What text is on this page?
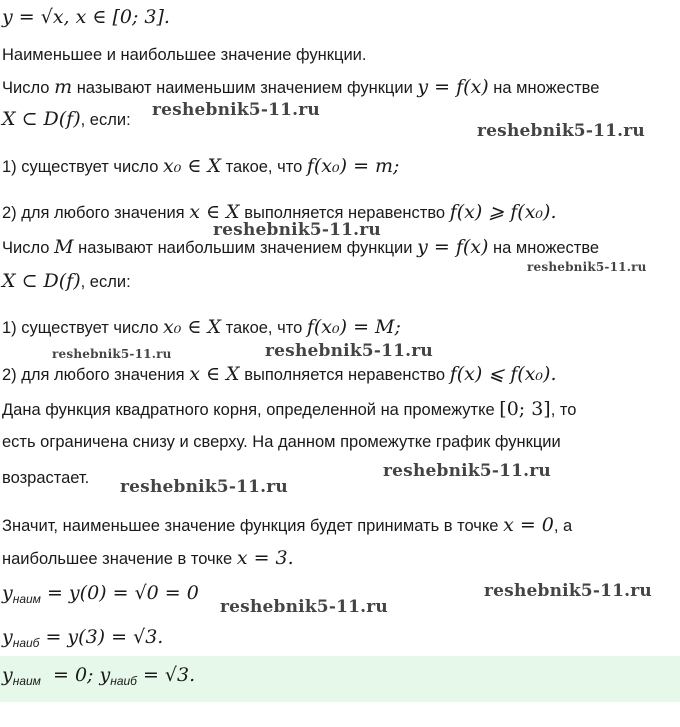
y = √x, x ∈ [0; 3].
Наименьшее и наибольшее значение функции.
Число m называют наименьшим значением функции y = f(x) на множестве
X ⊂ D(f), если:
1) существует число x₀ ∈ X такое, что f(x₀) = m;
2) для любого значения x ∈ X выполняется неравенство f(x) ⩾ f(x₀).
Число M называют наибольшим значением функции y = f(x) на множестве
X ⊂ D(f), если:
1) существует число x₀ ∈ X такое, что f(x₀) = M;
2) для любого значения x ∈ X выполняется неравенство f(x) ⩽ f(x₀).
Дана функция квадратного корня, определенной на промежутке [0; 3], то
есть ограничена снизу и сверху. На данном промежутке график функции
возрастает.
Значит, наименьшее значение функция будет принимать в точке x = 0, а
наибольшее значение в точке x = 3.
$y_{наим} = y(0) = √0 = 0$
$y_{наиб} = y(3) = √3$.
$y_{наим} = 0$; $y_{наиб} = √3$.
reshebnik5-11.ru
reshebnik5-11.ru
reshebnik5-11.ru
reshebnik5-11.ru
reshebnik5-11.ru	reshebnik5-11.ru
reshebnik5-11.ru
reshebnik5-11.ru
reshebnik5-11.ru
reshebnik5-11.ru
